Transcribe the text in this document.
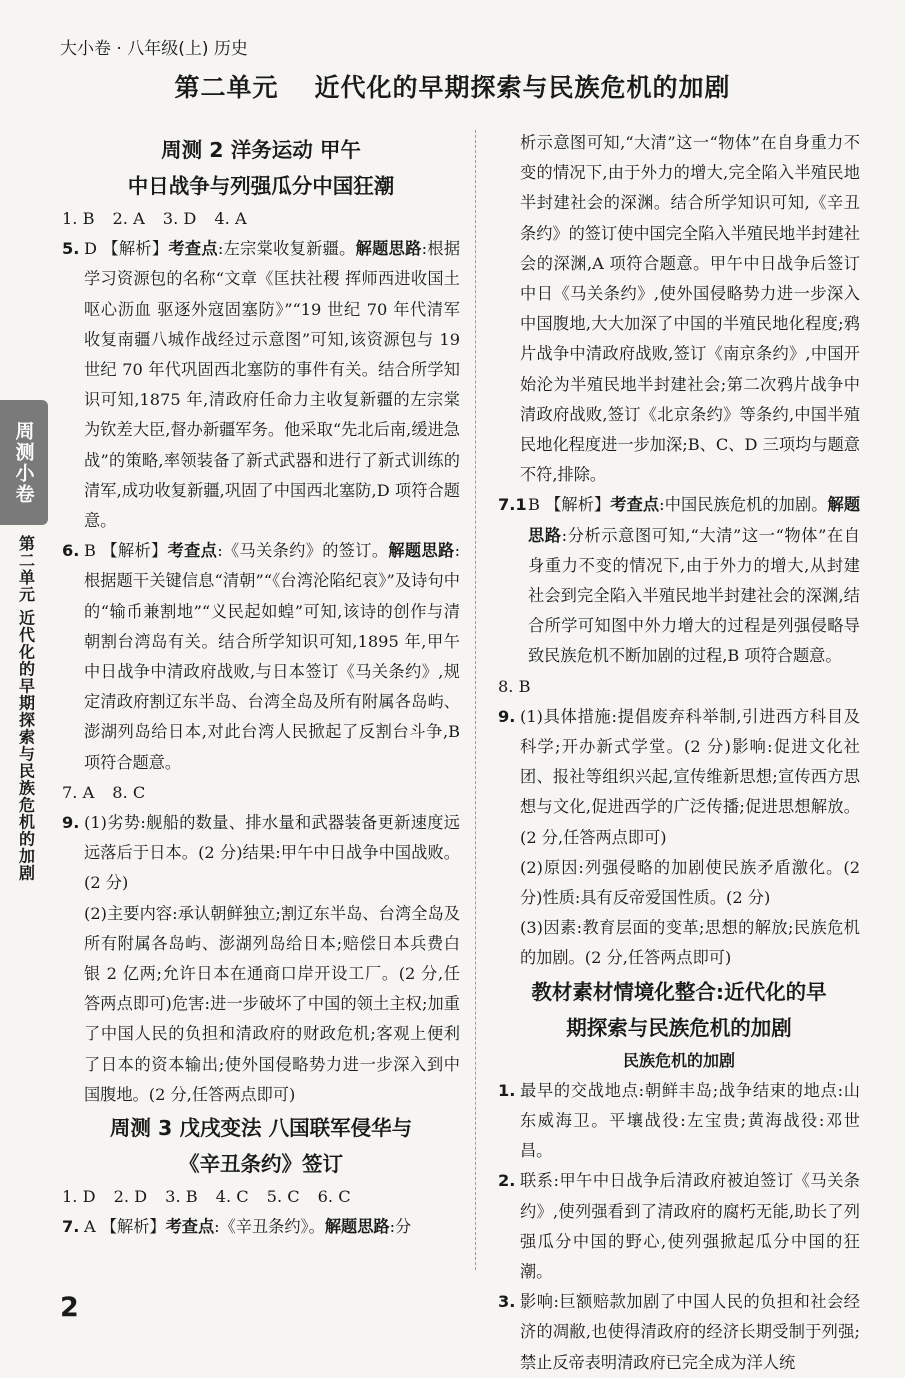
大小卷 · 八年级(上) 历史
第二单元 近代化的早期探索与民族危机的加剧
周测小卷
第二单元 近代化的早期探索与民族危机的加剧
周测 2 洋务运动 甲午
中日战争与列强瓜分中国狂潮
1. B 2. A 3. D 4. A
5. D 【解析】考查点:左宗棠收复新疆。解题思路:根据学习资源包的名称“文章《匡扶社稷 挥师西进收国土 呕心沥血 驱逐外寇固塞防》”“19 世纪 70 年代清军收复南疆八城作战经过示意图”可知,该资源包与 19 世纪 70 年代巩固西北塞防的事件有关。结合所学知识可知,1875 年,清政府任命力主收复新疆的左宗棠为钦差大臣,督办新疆军务。他采取“先北后南,缓进急战”的策略,率领装备了新式武器和进行了新式训练的清军,成功收复新疆,巩固了中国西北塞防,D 项符合题意。
6. B 【解析】考查点:《马关条约》的签订。解题思路:根据题干关键信息“清朝”“《台湾沦陷纪哀》”及诗句中的“输币兼割地”“义民起如蝗”可知,该诗的创作与清朝割台湾岛有关。结合所学知识可知,1895 年,甲午中日战争中清政府战败,与日本签订《马关条约》,规定清政府割辽东半岛、台湾全岛及所有附属各岛屿、澎湖列岛给日本,对此台湾人民掀起了反割台斗争,B 项符合题意。
7. A 8. C
9. (1)劣势:舰船的数量、排水量和武器装备更新速度远远落后于日本。(2 分)结果:甲午中日战争中国战败。(2 分)
(2)主要内容:承认朝鲜独立;割辽东半岛、台湾全岛及所有附属各岛屿、澎湖列岛给日本;赔偿日本兵费白银 2 亿两;允许日本在通商口岸开设工厂。(2 分,任答两点即可)危害:进一步破坏了中国的领土主权;加重了中国人民的负担和清政府的财政危机;客观上便利了日本的资本输出;使外国侵略势力进一步深入到中国腹地。(2 分,任答两点即可)
周测 3 戊戌变法 八国联军侵华与
《辛丑条约》签订
1. D 2. D 3. B 4. C 5. C 6. C
7. A 【解析】考查点:《辛丑条约》。解题思路:分
析示意图可知,“大清”这一“物体”在自身重力不变的情况下,由于外力的增大,完全陷入半殖民地半封建社会的深渊。结合所学知识可知,《辛丑条约》的签订使中国完全陷入半殖民地半封建社会的深渊,A 项符合题意。甲午中日战争后签订中日《马关条约》,使外国侵略势力进一步深入中国腹地,大大加深了中国的半殖民地化程度;鸦片战争中清政府战败,签订《南京条约》,中国开始沦为半殖民地半封建社会;第二次鸦片战争中清政府战败,签订《北京条约》等条约,中国半殖民地化程度进一步加深;B、C、D 三项均与题意不符,排除。
7.1 B 【解析】考查点:中国民族危机的加剧。解题思路:分析示意图可知,“大清”这一“物体”在自身重力不变的情况下,由于外力的增大,从封建社会到完全陷入半殖民地半封建社会的深渊,结合所学可知图中外力增大的过程是列强侵略导致民族危机不断加剧的过程,B 项符合题意。
8. B
9. (1)具体措施:提倡废弃科举制,引进西方科目及科学;开办新式学堂。(2 分)影响:促进文化社团、报社等组织兴起,宣传维新思想;宣传西方思想与文化,促进西学的广泛传播;促进思想解放。(2 分,任答两点即可)
(2)原因:列强侵略的加剧使民族矛盾激化。(2 分)性质:具有反帝爱国性质。(2 分)
(3)因素:教育层面的变革;思想的解放;民族危机的加剧。(2 分,任答两点即可)
教材素材情境化整合:近代化的早
期探索与民族危机的加剧
民族危机的加剧
1. 最早的交战地点:朝鲜丰岛;战争结束的地点:山东威海卫。平壤战役:左宝贵;黄海战役:邓世昌。
2. 联系:甲午中日战争后清政府被迫签订《马关条约》,使列强看到了清政府的腐朽无能,助长了列强瓜分中国的野心,使列强掀起瓜分中国的狂潮。
3. 影响:巨额赔款加剧了中国人民的负担和社会经济的凋敝,也使得清政府的经济长期受制于列强;禁止反帝表明清政府已完全成为洋人统
2
